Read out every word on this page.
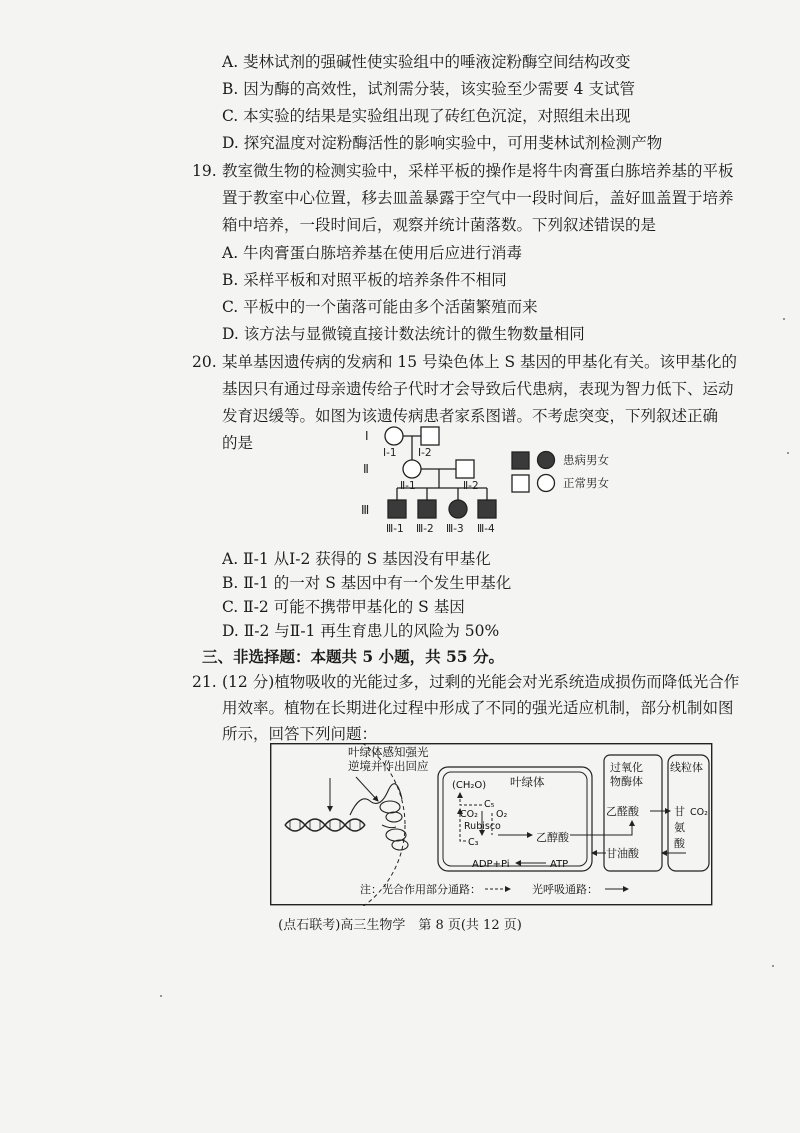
A. 斐林试剂的强碱性使实验组中的唾液淀粉酶空间结构改变
B. 因为酶的高效性，试剂需分装，该实验至少需要 4 支试管
C. 本实验的结果是实验组出现了砖红色沉淀，对照组未出现
D. 探究温度对淀粉酶活性的影响实验中，可用斐林试剂检测产物
19. 教室微生物的检测实验中，采样平板的操作是将牛肉膏蛋白胨培养基的平板
置于教室中心位置，移去皿盖暴露于空气中一段时间后，盖好皿盖置于培养
箱中培养，一段时间后，观察并统计菌落数。下列叙述错误的是
A. 牛肉膏蛋白胨培养基在使用后应进行消毒
B. 采样平板和对照平板的培养条件不相同
C. 平板中的一个菌落可能由多个活菌繁殖而来
D. 该方法与显微镜直接计数法统计的微生物数量相同
20. 某单基因遗传病的发病和 15 号染色体上 S 基因的甲基化有关。该甲基化的
基因只有通过母亲遗传给子代时才会导致后代患病，表现为智力低下、运动
发育迟缓等。如图为该遗传病患者家系图谱。不考虑突变，下列叙述正确
的是	Ⅰ
Ⅱ
Ⅲ
Ⅰ-1 Ⅰ-2
Ⅱ-1	Ⅱ-2
Ⅲ-1 Ⅲ-2 Ⅲ-3 Ⅲ-4
患病男女
正常男女
A. Ⅱ-1 从Ⅰ-2 获得的 S 基因没有甲基化
B. Ⅱ-1 的一对 S 基因中有一个发生甲基化
C. Ⅱ-2 可能不携带甲基化的 S 基因
D. Ⅱ-2 与Ⅱ-1 再生育患儿的风险为 50%
三、非选择题：本题共 5 小题，共 55 分。
21. (12 分)植物吸收的光能过多，过剩的光能会对光系统造成损伤而降低光合作
用效率。植物在长期进化过程中形成了不同的强光适应机制，部分机制如图
所示，回答下列问题：
叶绿体感知强光
逆境并作出回应
叶绿体
(CH₂O)
C₅
CO₂ O₂
Rubisco
C₃	乙醇酸
ADP+Pi	ATP
过氧化
物酶体
乙醛酸
甘油酸
线粒体
甘
氨
酸
CO₂
注：光合作用部分通路：	光呼吸通路：
(点石联考)高三生物学　第 8 页(共 12 页)
